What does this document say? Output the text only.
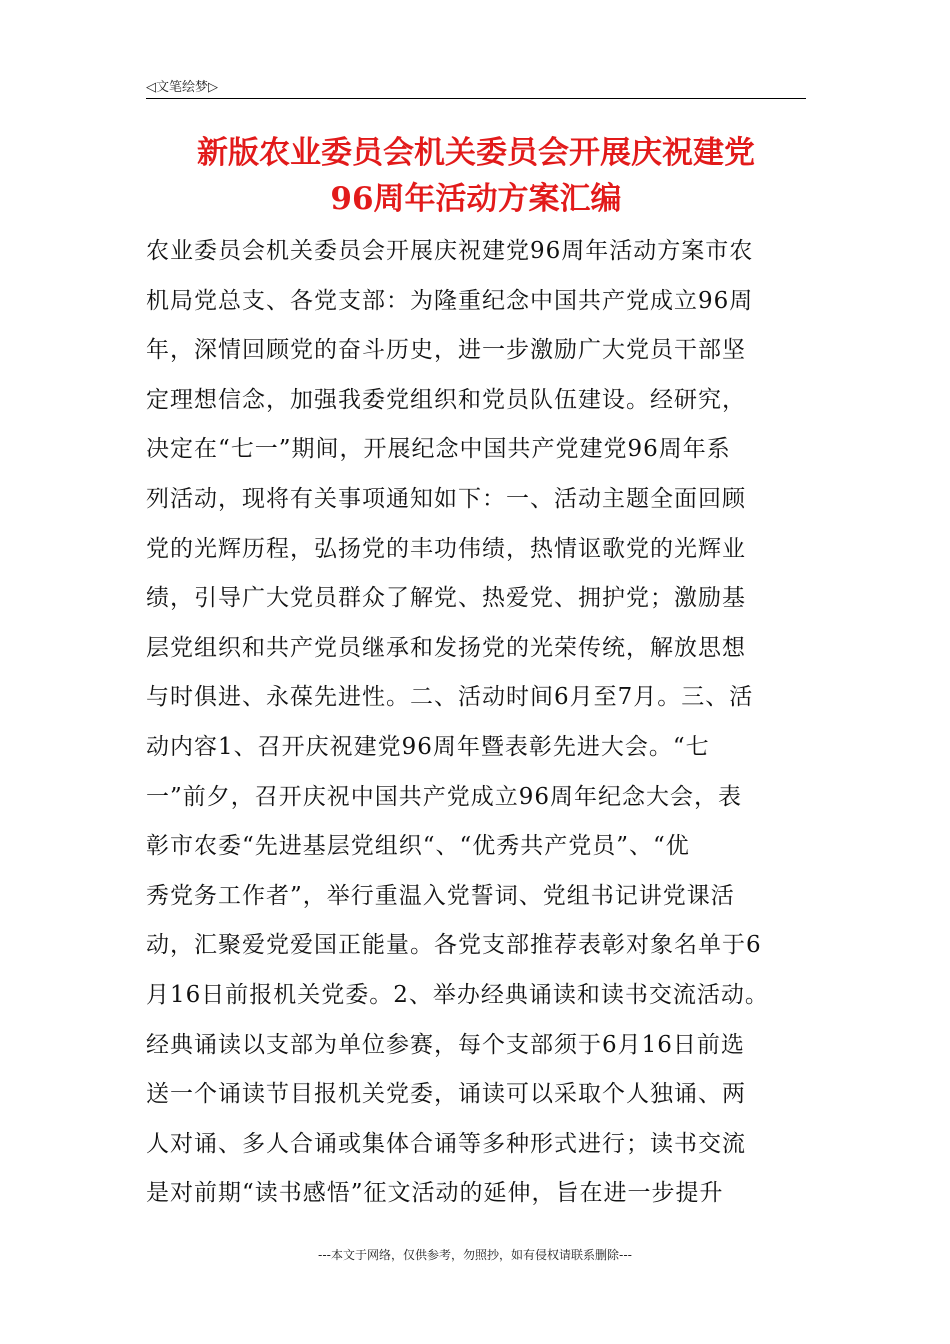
◁文笔绘梦▷
新版农业委员会机关委员会开展庆祝建党
96周年活动方案汇编
农业委员会机关委员会开展庆祝建党96周年活动方案市农
机局党总支、各党支部：为隆重纪念中国共产党成立96周
年，深情回顾党的奋斗历史，进一步激励广大党员干部坚
定理想信念，加强我委党组织和党员队伍建设。经研究，
决定在“七一”期间，开展纪念中国共产党建党96周年系
列活动，现将有关事项通知如下：一、活动主题全面回顾
党的光辉历程，弘扬党的丰功伟绩，热情讴歌党的光辉业
绩，引导广大党员群众了解党、热爱党、拥护党；激励基
层党组织和共产党员继承和发扬党的光荣传统，解放思想
与时俱进、永葆先进性。二、活动时间6月至7月。三、活
动内容1、召开庆祝建党96周年暨表彰先进大会。“七
一”前夕，召开庆祝中国共产党成立96周年纪念大会，表
彰市农委“先进基层党组织“、“优秀共产党员”、“优
秀党务工作者”，举行重温入党誓词、党组书记讲党课活
动，汇聚爱党爱国正能量。各党支部推荐表彰对象名单于6
月16日前报机关党委。2、举办经典诵读和读书交流活动。
经典诵读以支部为单位参赛，每个支部须于6月16日前选
送一个诵读节目报机关党委，诵读可以采取个人独诵、两
人对诵、多人合诵或集体合诵等多种形式进行；读书交流
是对前期“读书感悟”征文活动的延伸，旨在进一步提升
---本文于网络，仅供参考，勿照抄，如有侵权请联系删除---
